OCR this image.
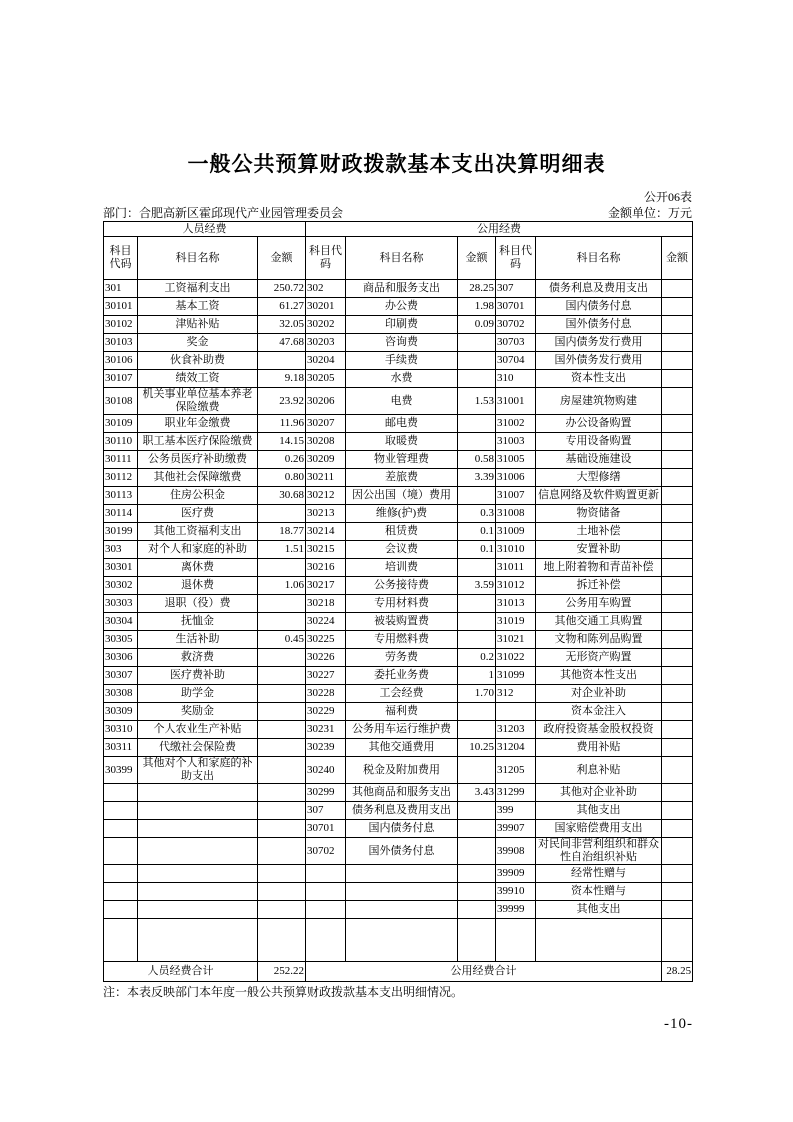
一般公共预算财政拨款基本支出决算明细表
公开06表
部门：合肥高新区霍邱现代产业园管理委员会	金额单位：万元
人员经费			公用经费					
科目代码	科目名称	金额	科目代码	科目名称	金额	科目代码	科目名称	金额
301	工资福利支出	250.72	302	商品和服务支出	28.25	307	债务利息及费用支出	
30101	基本工资	61.27	30201	办公费	1.98	30701	国内债务付息	
30102	津贴补贴	32.05	30202	印刷费	0.09	30702	国外债务付息	
30103	奖金	47.68	30203	咨询费		30703	国内债务发行费用	
30106	伙食补助费		30204	手续费		30704	国外债务发行费用	
30107	绩效工资	9.18	30205	水费		310	资本性支出	
30108	机关事业单位基本养老保险缴费	23.92	30206	电费	1.53	31001	房屋建筑物购建	
30109	职业年金缴费	11.96	30207	邮电费		31002	办公设备购置	
30110	职工基本医疗保险缴费	14.15	30208	取暖费		31003	专用设备购置	
30111	公务员医疗补助缴费	0.26	30209	物业管理费	0.58	31005	基础设施建设	
30112	其他社会保障缴费	0.80	30211	差旅费	3.39	31006	大型修缮	
30113	住房公积金	30.68	30212	因公出国（境）费用		31007	信息网络及软件购置更新	
30114	医疗费		30213	维修(护)费	0.3	31008	物资储备	
30199	其他工资福利支出	18.77	30214	租赁费	0.1	31009	土地补偿	
303	对个人和家庭的补助	1.51	30215	会议费	0.1	31010	安置补助	
30301	离休费		30216	培训费		31011	地上附着物和青苗补偿	
30302	退休费	1.06	30217	公务接待费	3.59	31012	拆迁补偿	
30303	退职（役）费		30218	专用材料费		31013	公务用车购置	
30304	抚恤金		30224	被装购置费		31019	其他交通工具购置	
30305	生活补助	0.45	30225	专用燃料费		31021	文物和陈列品购置	
30306	救济费		30226	劳务费	0.2	31022	无形资产购置	
30307	医疗费补助		30227	委托业务费	1	31099	其他资本性支出	
30308	助学金		30228	工会经费	1.70	312	对企业补助	
30309	奖励金		30229	福利费			资本金注入	
30310	个人农业生产补贴		30231	公务用车运行维护费		31203	政府投资基金股权投资	
30311	代缴社会保险费		30239	其他交通费用	10.25	31204	费用补贴	
30399	其他对个人和家庭的补助支出		30240	税金及附加费用		31205	利息补贴	
			30299	其他商品和服务支出	3.43	31299	其他对企业补助	
			307	债务利息及费用支出		399	其他支出	
			30701	国内债务付息		39907	国家赔偿费用支出	
			30702	国外债务付息		39908	对民间非营利组织和群众性自治组织补贴	
						39909	经常性赠与	
						39910	资本性赠与	
						39999	其他支出	

人员经费合计		252.22	公用经费合计					28.25
注：本表反映部门本年度一般公共预算财政拨款基本支出明细情况。
-10-
